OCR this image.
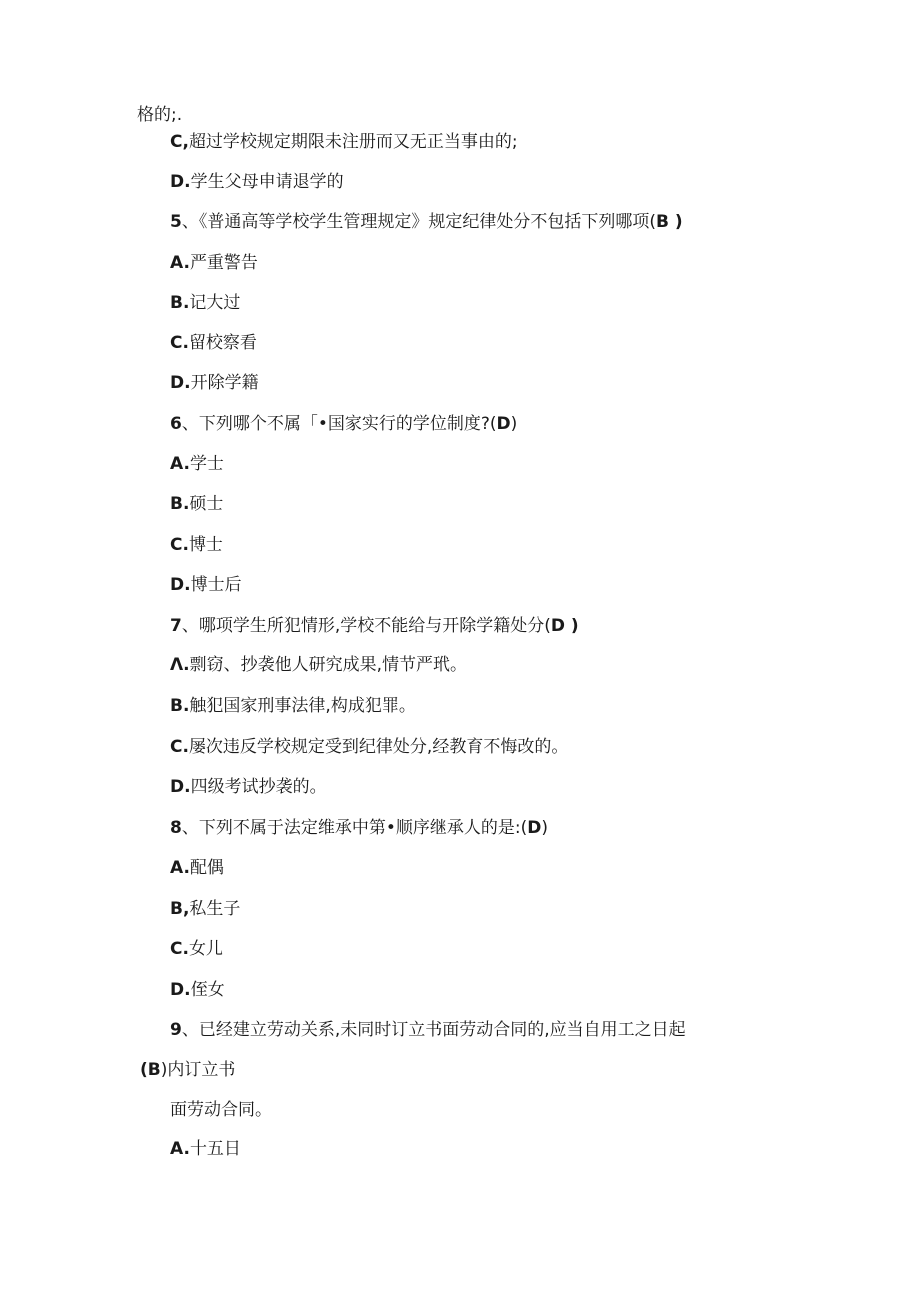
格的;.
C,超过学校规定期限未注册而又无正当事由的;
D.学生父母申请退学的
5、《普通高等学校学生管理规定》规定纪律处分不包括下列哪项(B )
A.严重警告
B.记大过
C.留校察看
D.开除学籍
6、下列哪个不属「•国家实行的学位制度?(D)
A.学士
B.硕士
C.博士
D.博士后
7、哪项学生所犯情形,学校不能给与开除学籍处分(D )
Λ.剽窃、抄袭他人研究成果,情节严玳。
B.触犯国家刑事法律,构成犯罪。
C.屡次违反学校规定受到纪律处分,经教育不悔改的。
D.四级考试抄袭的。
8、下列不属于法定维承中第•顺序继承人的是:(D)
A.配偶
B,私生子
C.女儿
D.侄女
9、已经建立劳动关系,未同时订立书面劳动合同的,应当自用工之日起
(B)内订立书
面劳动合同。
A.十五日
